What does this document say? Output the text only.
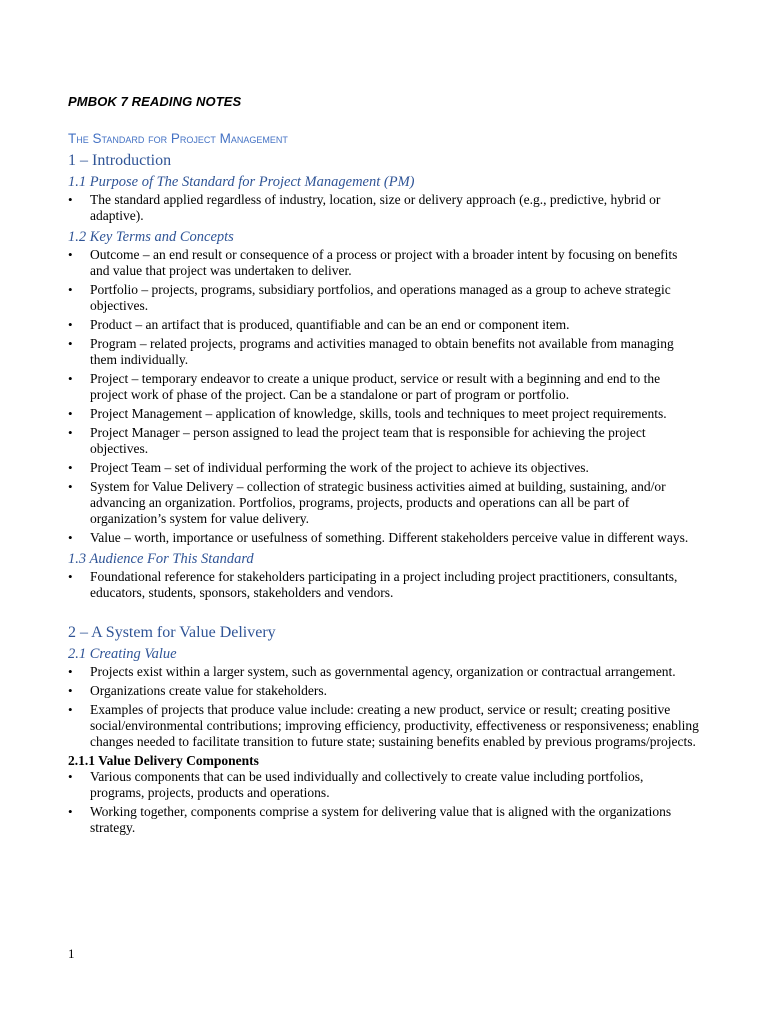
PMBOK 7 READING NOTES
The Standard for Project Management
1 – Introduction
1.1 Purpose of The Standard for Project Management (PM)
• The standard applied regardless of industry, location, size or delivery approach (e.g., predictive, hybrid or adaptive).
1.2 Key Terms and Concepts
• Outcome – an end result or consequence of a process or project with a broader intent by focusing on benefits and value that project was undertaken to deliver.
• Portfolio – projects, programs, subsidiary portfolios, and operations managed as a group to acheve strategic objectives.
• Product – an artifact that is produced, quantifiable and can be an end or component item.
• Program – related projects, programs and activities managed to obtain benefits not available from managing them individually.
• Project – temporary endeavor to create a unique product, service or result with a beginning and end to the project work of phase of the project. Can be a standalone or part of program or portfolio.
• Project Management – application of knowledge, skills, tools and techniques to meet project requirements.
• Project Manager – person assigned to lead the project team that is responsible for achieving the project objectives.
• Project Team – set of individual performing the work of the project to achieve its objectives.
• System for Value Delivery – collection of strategic business activities aimed at building, sustaining, and/or advancing an organization. Portfolios, programs, projects, products and operations can all be part of organization’s system for value delivery.
• Value – worth, importance or usefulness of something. Different stakeholders perceive value in different ways.
1.3 Audience For This Standard
• Foundational reference for stakeholders participating in a project including project practitioners, consultants, educators, students, sponsors, stakeholders and vendors.
2 – A System for Value Delivery
2.1 Creating Value
• Projects exist within a larger system, such as governmental agency, organization or contractual arrangement.
• Organizations create value for stakeholders.
• Examples of projects that produce value include: creating a new product, service or result; creating positive social/environmental contributions; improving efficiency, productivity, effectiveness or responsiveness; enabling changes needed to facilitate transition to future state; sustaining benefits enabled by previous programs/projects.
2.1.1 Value Delivery Components
• Various components that can be used individually and collectively to create value including portfolios, programs, projects, products and operations.
• Working together, components comprise a system for delivering value that is aligned with the organizations strategy.
1
